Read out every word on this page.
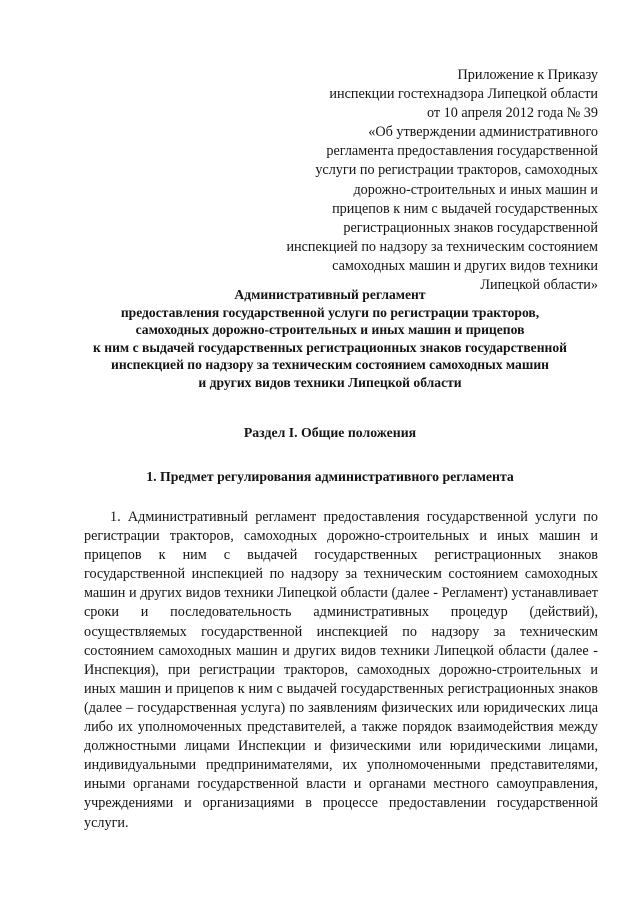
Приложение к Приказу
инспекции гостехнадзора Липецкой области
от 10 апреля 2012 года № 39
«Об утверждении административного
регламента предоставления государственной
услуги по регистрации тракторов, самоходных
дорожно-строительных и иных машин и
прицепов к ним с выдачей государственных
регистрационных знаков государственной
инспекцией по надзору за техническим состоянием
самоходных машин и других видов техники
Липецкой области»
Административный регламент
предоставления государственной услуги по регистрации тракторов,
самоходных дорожно-строительных и иных машин и прицепов
к ним с выдачей государственных регистрационных знаков государственной
инспекцией по надзору за техническим состоянием самоходных машин
и других видов техники Липецкой области
Раздел I. Общие положения
1. Предмет регулирования административного регламента

1. Административный регламент предоставления государственной услуги по регистрации тракторов, самоходных дорожно-строительных и иных машин и прицепов к ним с выдачей государственных регистрационных знаков государственной инспекцией по надзору за техническим состоянием самоходных машин и других видов техники Липецкой области (далее - Регламент) устанавливает сроки и последовательность административных процедур (действий), осуществляемых государственной инспекцией по надзору за техническим состоянием самоходных машин и других видов техники Липецкой области (далее - Инспекция), при регистрации тракторов, самоходных дорожно-строительных и иных машин и прицепов к ним с выдачей государственных регистрационных знаков (далее – государственная услуга) по заявлениям физических или юридических лица либо их уполномоченных представителей, а также порядок взаимодействия между должностными лицами Инспекции и физическими или юридическими лицами, индивидуальными предпринимателями, их уполномоченными представителями, иными органами государственной власти и органами местного самоуправления, учреждениями и организациями в процессе предоставлении государственной услуги.
